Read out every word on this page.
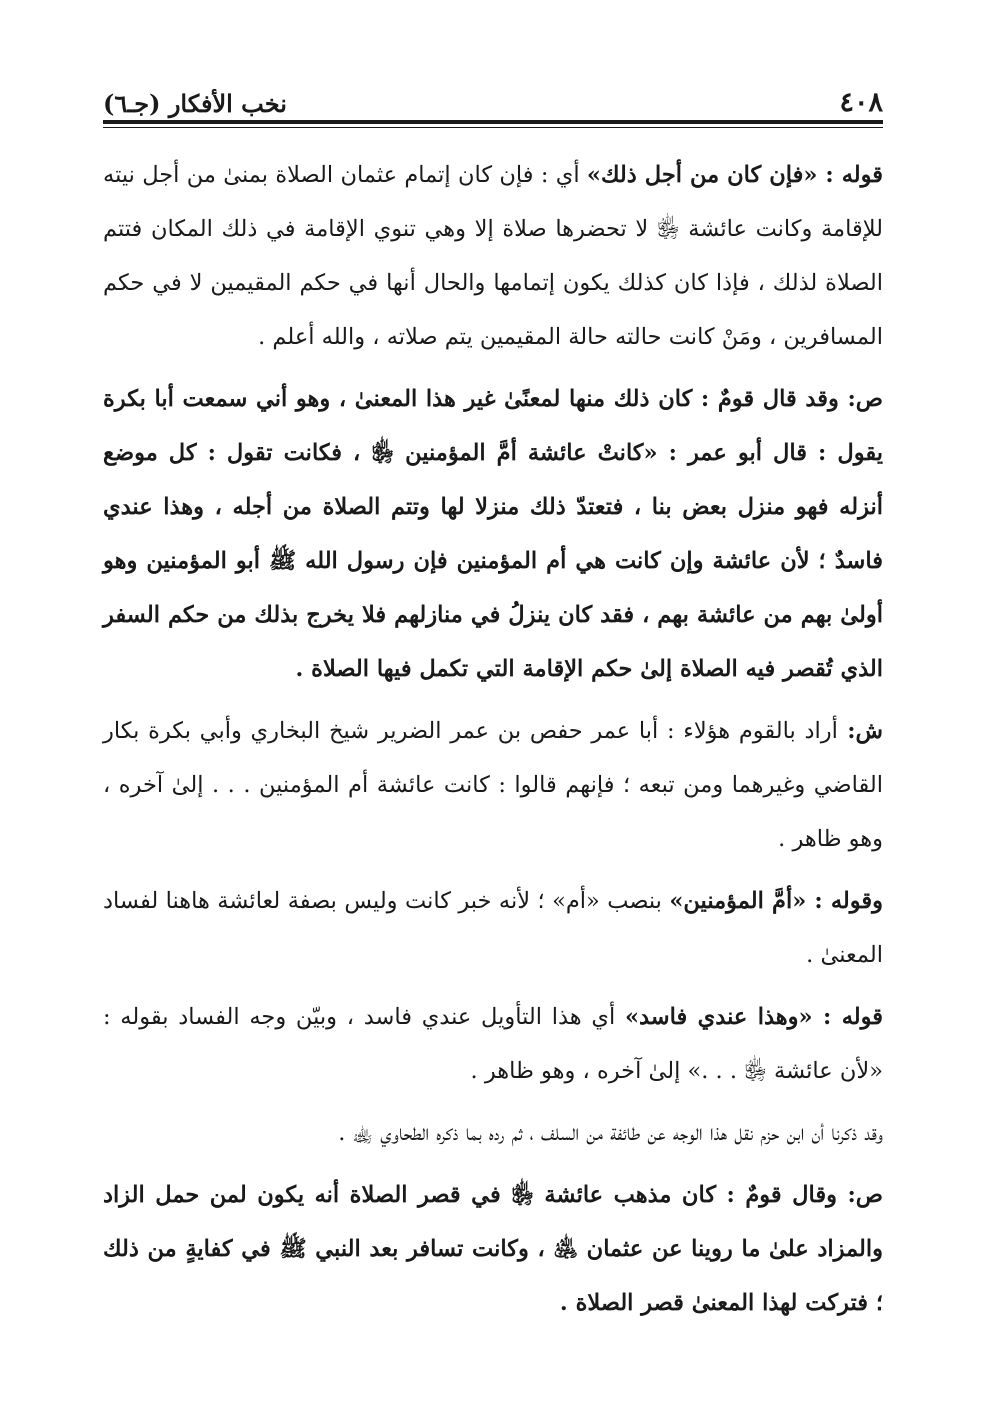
٤٠٨
نخب الأفكار (جـ٦)

قوله : «فإن كان من أجل ذلك» أي : فإن كان إتمام عثمان الصلاة بمنىٰ من أجل نيته للإقامة وكانت عائشة ﵂ لا تحضرها صلاة إلا وهي تنوي الإقامة في ذلك المكان فتتم الصلاة لذلك ، فإذا كان كذلك يكون إتمامها والحال أنها في حكم المقيمين لا في حكم المسافرين ، ومَنْ كانت حالته حالة المقيمين يتم صلاته ، والله أعلم .

ص: وقد قال قومٌ : كان ذلك منها لمعنًىٰ غير هذا المعنىٰ ، وهو أني سمعت أبا بكرة يقول : قال أبو عمر : «كانتْ عائشة أمَّ المؤمنين ﵂ ، فكانت تقول : كل موضع أنزله فهو منزل بعض بنا ، فتعتدّ ذلك منزلا لها وتتم الصلاة من أجله ، وهذا عندي فاسدٌ ؛ لأن عائشة وإن كانت هي أم المؤمنين فإن رسول الله ﷺ أبو المؤمنين وهو أولىٰ بهم من عائشة بهم ، فقد كان ينزلُ في منازلهم فلا يخرج بذلك من حكم السفر الذي تُقصر فيه الصلاة إلىٰ حكم الإقامة التي تكمل فيها الصلاة .

ش: أراد بالقوم هؤلاء : أبا عمر حفص بن عمر الضرير شيخ البخاري وأبي بكرة بكار القاضي وغيرهما ومن تبعه ؛ فإنهم قالوا : كانت عائشة أم المؤمنين . . . إلىٰ آخره ، وهو ظاهر .

وقوله : «أمَّ المؤمنين» بنصب «أم» ؛ لأنه خبر كانت وليس بصفة لعائشة هاهنا لفساد المعنىٰ .

قوله : «وهذا عندي فاسد» أي هذا التأويل عندي فاسد ، وبيّن وجه الفساد بقوله : «لأن عائشة ﵂ . . .» إلىٰ آخره ، وهو ظاهر .

وقد ذكرنا أن ابن حزم نقل هذا الوجه عن طائفة من السلف ، ثم رده بما ذكره الطحاوي ﵀ .

ص: وقال قومٌ : كان مذهب عائشة ﵂ في قصر الصلاة أنه يكون لمن حمل الزاد والمزاد علىٰ ما روينا عن عثمان ﵁ ، وكانت تسافر بعد النبي ﷺ في كفايةٍ من ذلك ؛ فتركت لهذا المعنىٰ قصر الصلاة .
